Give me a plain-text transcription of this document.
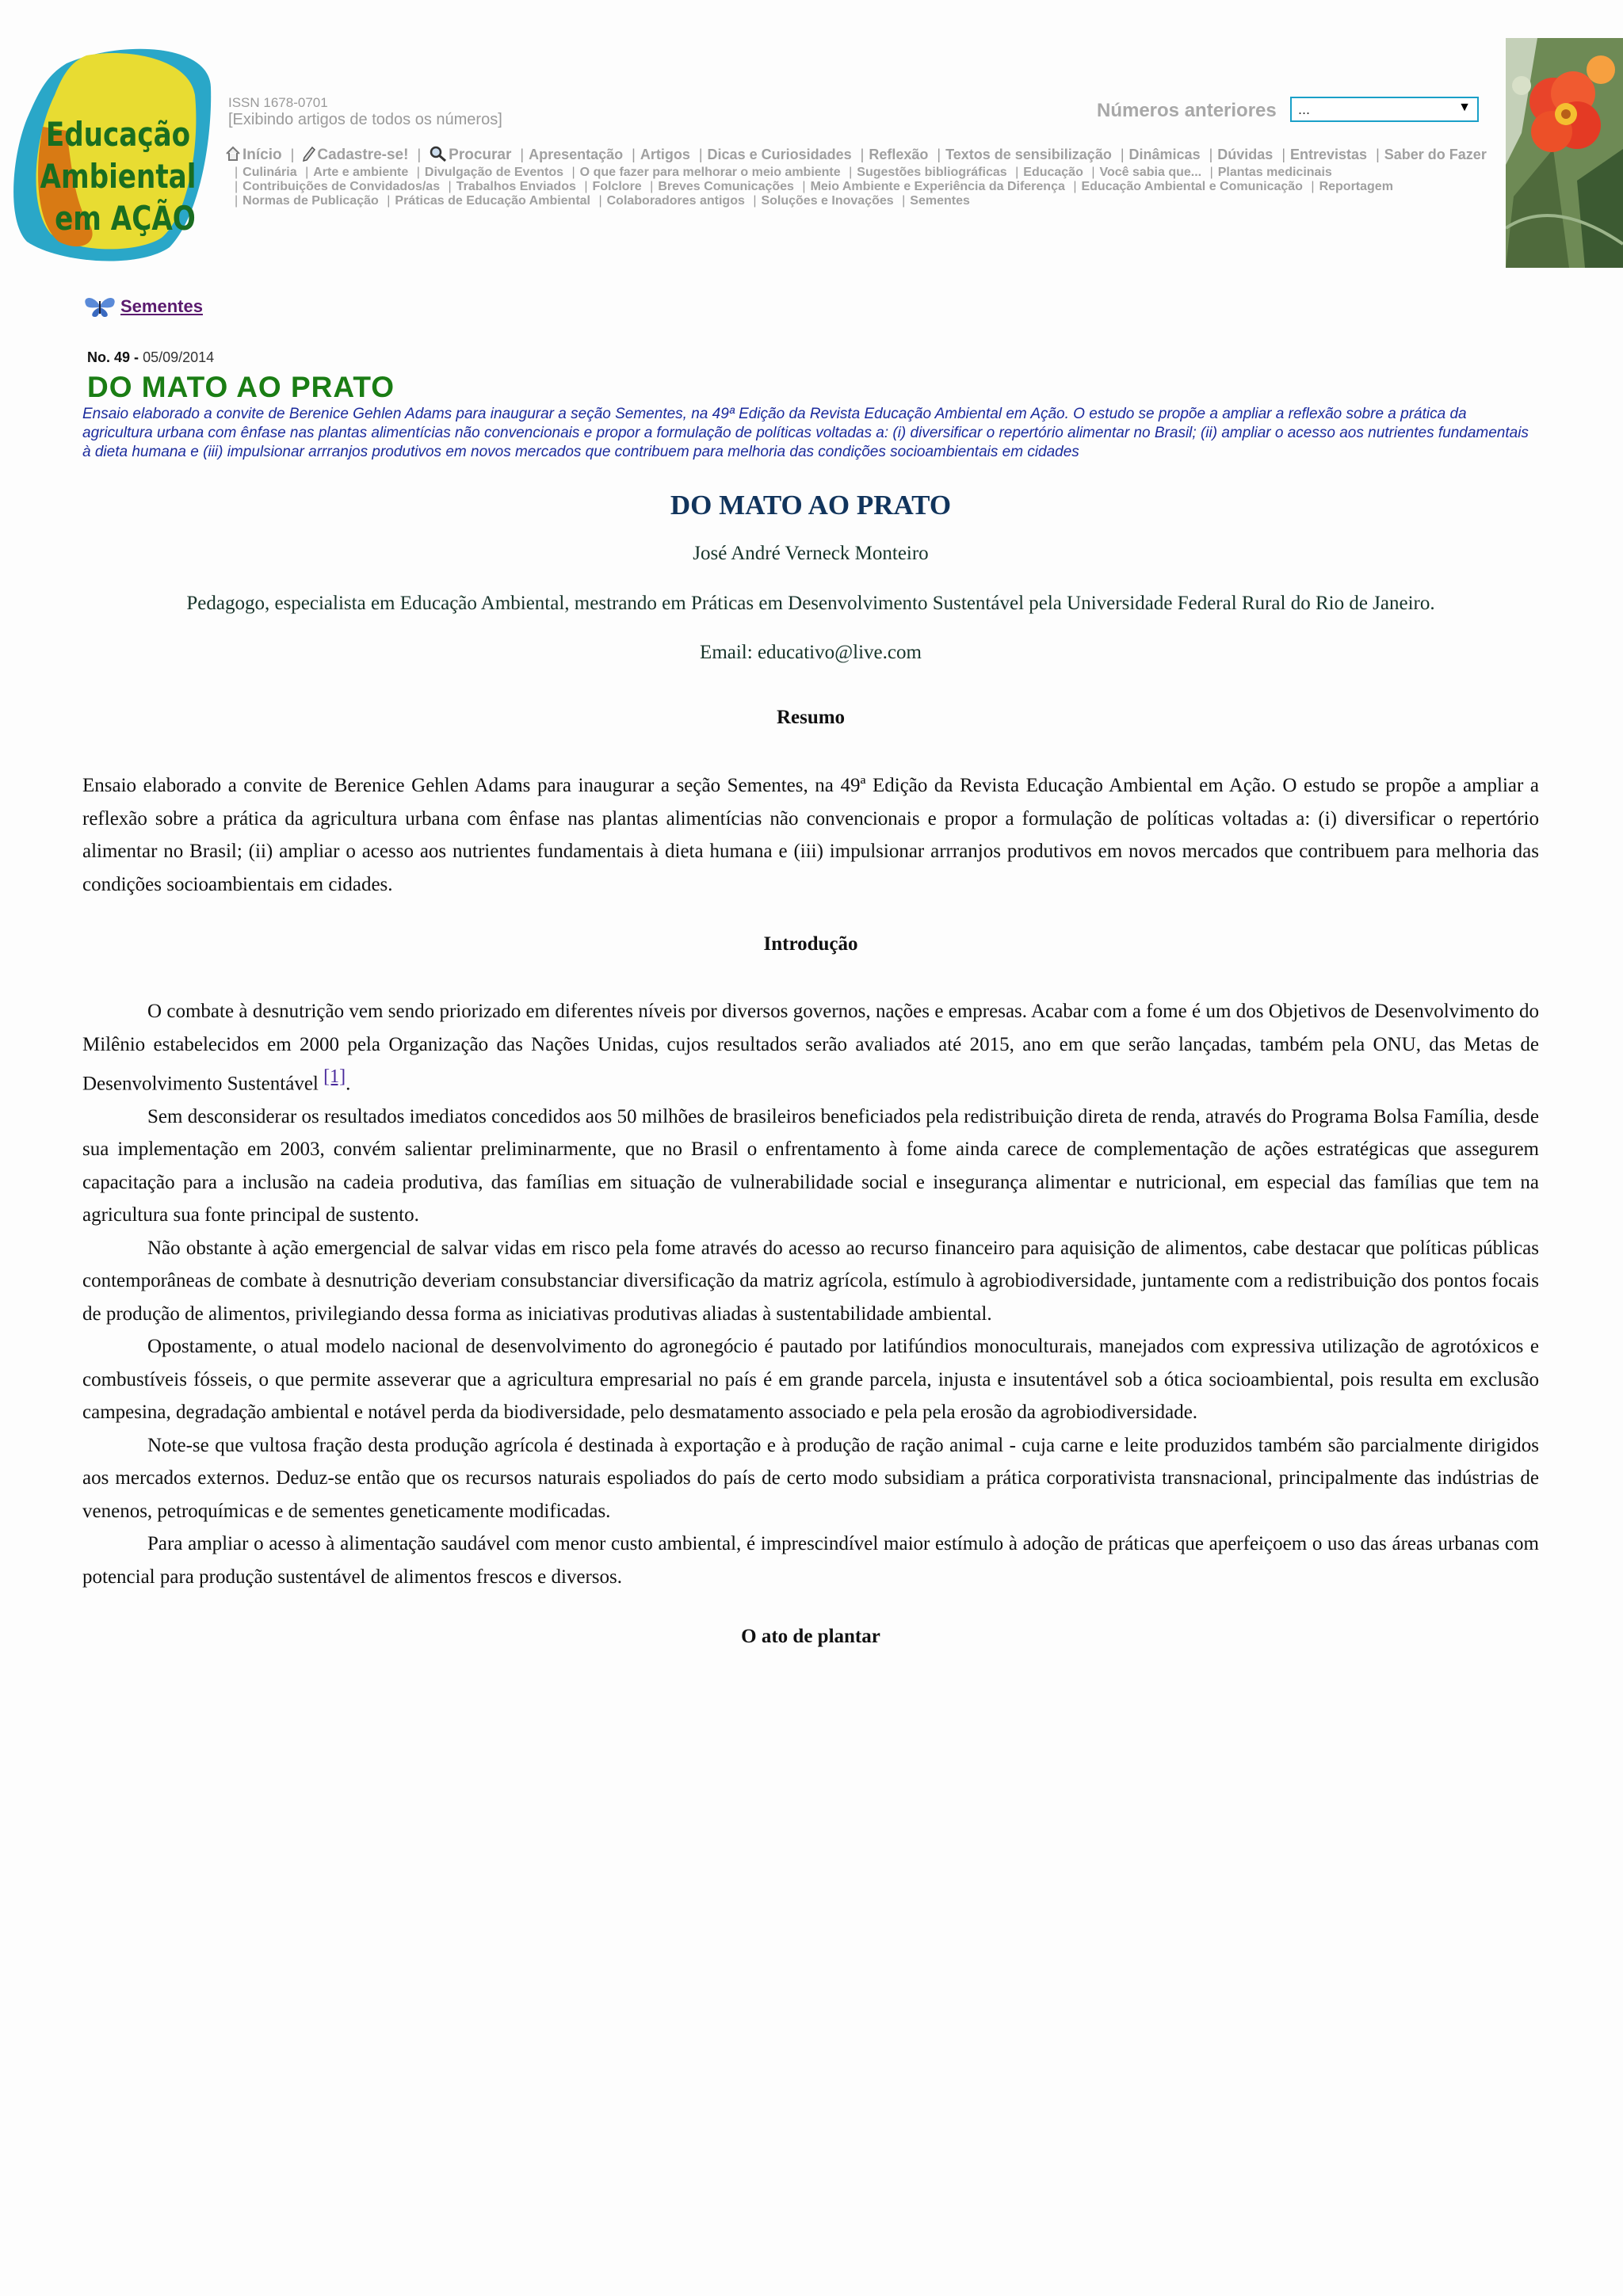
Educação
Ambiental
em AÇÃO
ISSN 1678-0701
[Exibindo artigos de todos os números]	Números anteriores	...	▼
Início | Cadastre-se! | Procurar | Apresentação | Artigos | Dicas e Curiosidades | Reflexão | Textos de sensibilização | Dinâmicas | Dúvidas | Entrevistas | Saber do Fazer
| Culinária | Arte e ambiente | Divulgação de Eventos | O que fazer para melhorar o meio ambiente | Sugestões bibliográficas | Educação | Você sabia que... | Plantas medicinais
| Contribuições de Convidados/as | Trabalhos Enviados | Folclore | Breves Comunicações | Meio Ambiente e Experiência da Diferença | Educação Ambiental e Comunicação | Reportagem
| Normas de Publicação | Práticas de Educação Ambiental | Colaboradores antigos | Soluções e Inovações | Sementes
Sementes
No. 49 - 05/09/2014
DO MATO AO PRATO
Ensaio elaborado a convite de Berenice Gehlen Adams para inaugurar a seção Sementes, na 49ª Edição da Revista Educação Ambiental em Ação. O estudo se propõe a ampliar a reflexão sobre a prática da agricultura urbana com ênfase nas plantas alimentícias não convencionais e propor a formulação de políticas voltadas a: (i) diversificar o repertório alimentar no Brasil; (ii) ampliar o acesso aos nutrientes fundamentais à dieta humana e (iii) impulsionar arrranjos produtivos em novos mercados que contribuem para melhoria das condições socioambientais em cidades
DO MATO AO PRATO
José André Verneck Monteiro
Pedagogo, especialista em Educação Ambiental, mestrando em Práticas em Desenvolvimento Sustentável pela Universidade Federal Rural do Rio de Janeiro.
Email: educativo@live.com
Resumo

Ensaio elaborado a convite de Berenice Gehlen Adams para inaugurar a seção Sementes, na 49ª Edição da Revista Educação Ambiental em Ação. O estudo se propõe a ampliar a reflexão sobre a prática da agricultura urbana com ênfase nas plantas alimentícias não convencionais e propor a formulação de políticas voltadas a: (i) diversificar o repertório alimentar no Brasil; (ii) ampliar o acesso aos nutrientes fundamentais à dieta humana e (iii) impulsionar arrranjos produtivos em novos mercados que contribuem para melhoria das condições socioambientais em cidades.

Introdução

O combate à desnutrição vem sendo priorizado em diferentes níveis por diversos governos, nações e empresas. Acabar com a fome é um dos Objetivos de Desenvolvimento do Milênio estabelecidos em 2000 pela Organização das Nações Unidas, cujos resultados serão avaliados até 2015, ano em que serão lançadas, também pela ONU, das Metas de Desenvolvimento Sustentável [1].

Sem desconsiderar os resultados imediatos concedidos aos 50 milhões de brasileiros beneficiados pela redistribuição direta de renda, através do Programa Bolsa Família, desde sua implementação em 2003, convém salientar preliminarmente, que no Brasil o enfrentamento à fome ainda carece de complementação de ações estratégicas que assegurem capacitação para a inclusão na cadeia produtiva, das famílias em situação de vulnerabilidade social e insegurança alimentar e nutricional, em especial das famílias que tem na agricultura sua fonte principal de sustento.

Não obstante à ação emergencial de salvar vidas em risco pela fome através do acesso ao recurso financeiro para aquisição de alimentos, cabe destacar que políticas públicas contemporâneas de combate à desnutrição deveriam consubstanciar diversificação da matriz agrícola, estímulo à agrobiodiversidade, juntamente com a redistribuição dos pontos focais de produção de alimentos, privilegiando dessa forma as iniciativas produtivas aliadas à sustentabilidade ambiental.

Opostamente, o atual modelo nacional de desenvolvimento do agronegócio é pautado por latifúndios monoculturais, manejados com expressiva utilização de agrotóxicos e combustíveis fósseis, o que permite asseverar que a agricultura empresarial no país é em grande parcela, injusta e insutentável sob a ótica socioambiental, pois resulta em exclusão campesina, degradação ambiental e notável perda da biodiversidade, pelo desmatamento associado e pela pela erosão da agrobiodiversidade.

Note-se que vultosa fração desta produção agrícola é destinada à exportação e à produção de ração animal - cuja carne e leite produzidos também são parcialmente dirigidos aos mercados externos. Deduz-se então que os recursos naturais espoliados do país de certo modo subsidiam a prática corporativista transnacional, principalmente das indústrias de venenos, petroquímicas e de sementes geneticamente modificadas.

Para ampliar o acesso à alimentação saudável com menor custo ambiental, é imprescindível maior estímulo à adoção de práticas que aperfeiçoem o uso das áreas urbanas com potencial para produção sustentável de alimentos frescos e diversos.

O ato de plantar
